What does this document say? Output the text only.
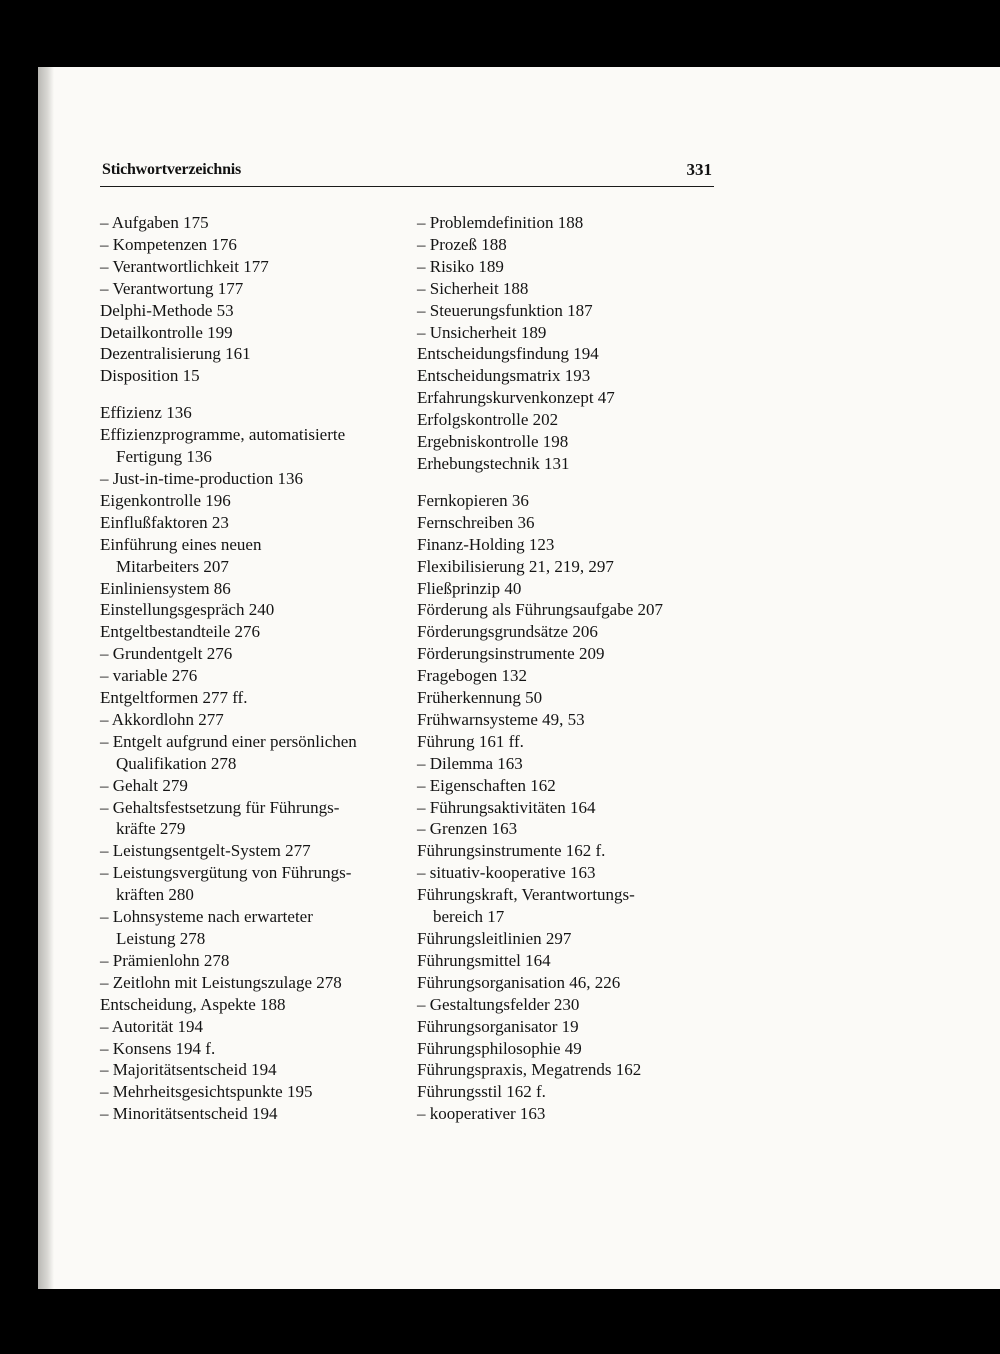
Stichwortverzeichnis	331
– Aufgaben 175
– Kompetenzen 176
– Verantwortlichkeit 177
– Verantwortung 177
Delphi-Methode 53
Detailkontrolle 199
Dezentralisierung 161
Disposition 15
Effizienz 136
Effizienzprogramme, automatisierte
Fertigung 136
– Just-in-time-production 136
Eigenkontrolle 196
Einflußfaktoren 23
Einführung eines neuen
Mitarbeiters 207
Einliniensystem 86
Einstellungsgespräch 240
Entgeltbestandteile 276
– Grundentgelt 276
– variable 276
Entgeltformen 277 ff.
– Akkordlohn 277
– Entgelt aufgrund einer persönlichen
Qualifikation 278
– Gehalt 279
– Gehaltsfestsetzung für Führungs-
kräfte 279
– Leistungsentgelt-System 277
– Leistungsvergütung von Führungs-
kräften 280
– Lohnsysteme nach erwarteter
Leistung 278
– Prämienlohn 278
– Zeitlohn mit Leistungszulage 278
Entscheidung, Aspekte 188
– Autorität 194
– Konsens 194 f.
– Majoritätsentscheid 194
– Mehrheitsgesichtspunkte 195
– Minoritätsentscheid 194
– Problemdefinition 188
– Prozeß 188
– Risiko 189
– Sicherheit 188
– Steuerungsfunktion 187
– Unsicherheit 189
Entscheidungsfindung 194
Entscheidungsmatrix 193
Erfahrungskurvenkonzept 47
Erfolgskontrolle 202
Ergebniskontrolle 198
Erhebungstechnik 131
Fernkopieren 36
Fernschreiben 36
Finanz-Holding 123
Flexibilisierung 21, 219, 297
Fließprinzip 40
Förderung als Führungsaufgabe 207
Förderungsgrundsätze 206
Förderungsinstrumente 209
Fragebogen 132
Früherkennung 50
Frühwarnsysteme 49, 53
Führung 161 ff.
– Dilemma 163
– Eigenschaften 162
– Führungsaktivitäten 164
– Grenzen 163
Führungsinstrumente 162 f.
– situativ-kooperative 163
Führungskraft, Verantwortungs-
bereich 17
Führungsleitlinien 297
Führungsmittel 164
Führungsorganisation 46, 226
– Gestaltungsfelder 230
Führungsorganisator 19
Führungsphilosophie 49
Führungspraxis, Megatrends 162
Führungsstil 162 f.
– kooperativer 163
